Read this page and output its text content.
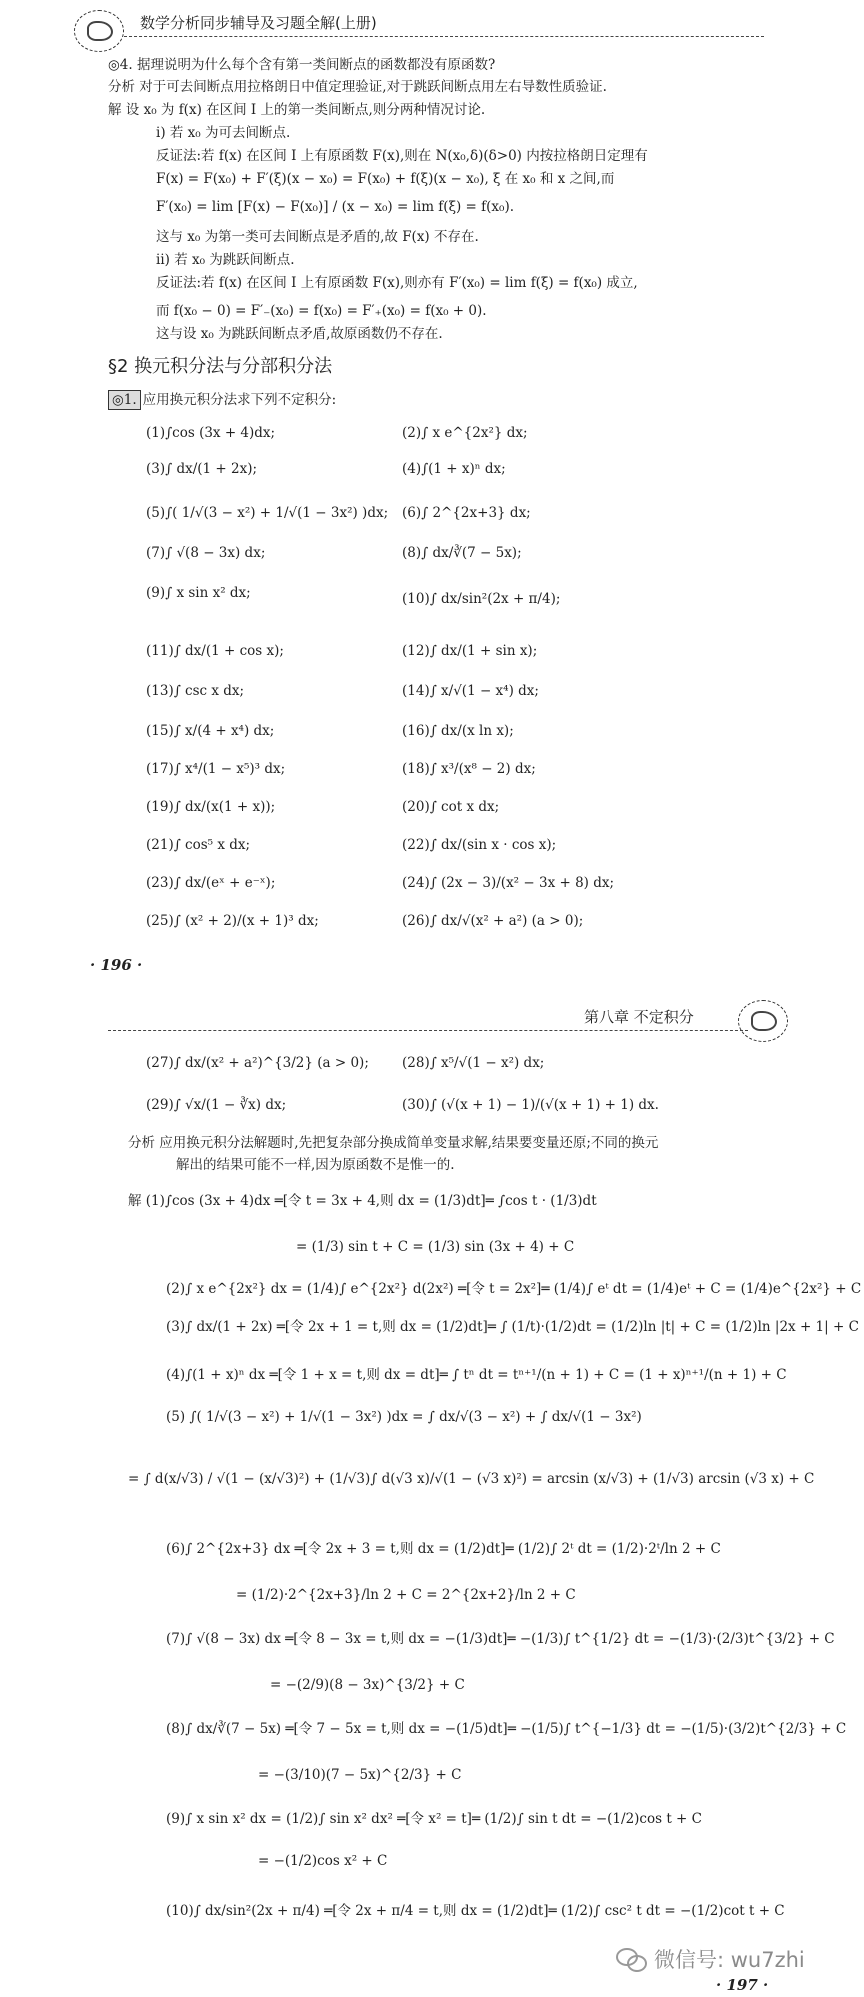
数学分析同步辅导及习题全解(上册)
◎4. 据理说明为什么每个含有第一类间断点的函数都没有原函数?
分析 对于可去间断点用拉格朗日中值定理验证,对于跳跃间断点用左右导数性质验证.
解 设 x₀ 为 f(x) 在区间 I 上的第一类间断点,则分两种情况讨论.
ⅰ) 若 x₀ 为可去间断点.
反证法:若 f(x) 在区间 I 上有原函数 F(x),则在 N(x₀,δ)(δ>0) 内按拉格朗日定理有
F(x) = F(x₀) + F′(ξ)(x − x₀) = F(x₀) + f(ξ)(x − x₀), ξ 在 x₀ 和 x 之间,而
F′(x₀) = lim [F(x) − F(x₀)] / (x − x₀) = lim f(ξ) = f(x₀).
这与 x₀ 为第一类可去间断点是矛盾的,故 F(x) 不存在.
ⅱ) 若 x₀ 为跳跃间断点.
反证法:若 f(x) 在区间 I 上有原函数 F(x),则亦有 F′(x₀) = lim f(ξ) = f(x₀) 成立,
而 f(x₀ − 0) = F′₋(x₀) = f(x₀) = F′₊(x₀) = f(x₀ + 0).
这与设 x₀ 为跳跃间断点矛盾,故原函数仍不存在.
§2 换元积分法与分部积分法
◎1. 应用换元积分法求下列不定积分:
(1)∫cos (3x + 4)dx;
(3)∫ dx/(1 + 2x);
(5)∫( 1/√(3 − x²) + 1/√(1 − 3x²) )dx;
(7)∫ √(8 − 3x) dx;
(9)∫ x sin x² dx;
(11)∫ dx/(1 + cos x);
(13)∫ csc x dx;
(15)∫ x/(4 + x⁴) dx;
(17)∫ x⁴/(1 − x⁵)³ dx;
(19)∫ dx/(x(1 + x));
(21)∫ cos⁵ x dx;
(23)∫ dx/(eˣ + e⁻ˣ);
(25)∫ (x² + 2)/(x + 1)³ dx;
(2)∫ x e^{2x²} dx;
(4)∫(1 + x)ⁿ dx;
(6)∫ 2^{2x+3} dx;
(8)∫ dx/∛(7 − 5x);
(10)∫ dx/sin²(2x + π/4);
(12)∫ dx/(1 + sin x);
(14)∫ x/√(1 − x⁴) dx;
(16)∫ dx/(x ln x);
(18)∫ x³/(x⁸ − 2) dx;
(20)∫ cot x dx;
(22)∫ dx/(sin x · cos x);
(24)∫ (2x − 3)/(x² − 3x + 8) dx;
(26)∫ dx/√(x² + a²) (a > 0);
· 196 ·
第八章 不定积分
(27)∫ dx/(x² + a²)^{3/2} (a > 0); (28)∫ x⁵/√(1 − x²) dx;
(29)∫ √x/(1 − ∛x) dx;	(30)∫ (√(x + 1) − 1)/(√(x + 1) + 1) dx.
分析 应用换元积分法解题时,先把复杂部分换成简单变量求解,结果要变量还原;不同的换元
解出的结果可能不一样,因为原函数不是惟一的.
解 (1)∫cos (3x + 4)dx ═[令 t = 3x + 4,则 dx = (1/3)dt]═ ∫cos t · (1/3)dt
= (1/3) sin t + C = (1/3) sin (3x + 4) + C
(2)∫ x e^{2x²} dx = (1/4)∫ e^{2x²} d(2x²) ═[令 t = 2x²]═ (1/4)∫ eᵗ dt = (1/4)eᵗ + C = (1/4)e^{2x²} + C
(3)∫ dx/(1 + 2x) ═[令 2x + 1 = t,则 dx = (1/2)dt]═ ∫ (1/t)·(1/2)dt = (1/2)ln |t| + C = (1/2)ln |2x + 1| + C
(4)∫(1 + x)ⁿ dx ═[令 1 + x = t,则 dx = dt]═ ∫ tⁿ dt = tⁿ⁺¹/(n + 1) + C = (1 + x)ⁿ⁺¹/(n + 1) + C
(5) ∫( 1/√(3 − x²) + 1/√(1 − 3x²) )dx = ∫ dx/√(3 − x²) + ∫ dx/√(1 − 3x²)
= ∫ d(x/√3) / √(1 − (x/√3)²) + (1/√3)∫ d(√3 x)/√(1 − (√3 x)²) = arcsin (x/√3) + (1/√3) arcsin (√3 x) + C
(6)∫ 2^{2x+3} dx ═[令 2x + 3 = t,则 dx = (1/2)dt]═ (1/2)∫ 2ᵗ dt = (1/2)·2ᵗ/ln 2 + C
= (1/2)·2^{2x+3}/ln 2 + C = 2^{2x+2}/ln 2 + C
(7)∫ √(8 − 3x) dx ═[令 8 − 3x = t,则 dx = −(1/3)dt]═ −(1/3)∫ t^{1/2} dt = −(1/3)·(2/3)t^{3/2} + C
= −(2/9)(8 − 3x)^{3/2} + C
(8)∫ dx/∛(7 − 5x) ═[令 7 − 5x = t,则 dx = −(1/5)dt]═ −(1/5)∫ t^{−1/3} dt = −(1/5)·(3/2)t^{2/3} + C
= −(3/10)(7 − 5x)^{2/3} + C
(9)∫ x sin x² dx = (1/2)∫ sin x² dx² ═[令 x² = t]═ (1/2)∫ sin t dt = −(1/2)cos t + C
= −(1/2)cos x² + C
(10)∫ dx/sin²(2x + π/4) ═[令 2x + π/4 = t,则 dx = (1/2)dt]═ (1/2)∫ csc² t dt = −(1/2)cot t + C
微信号: wu7zhi
· 197 ·
